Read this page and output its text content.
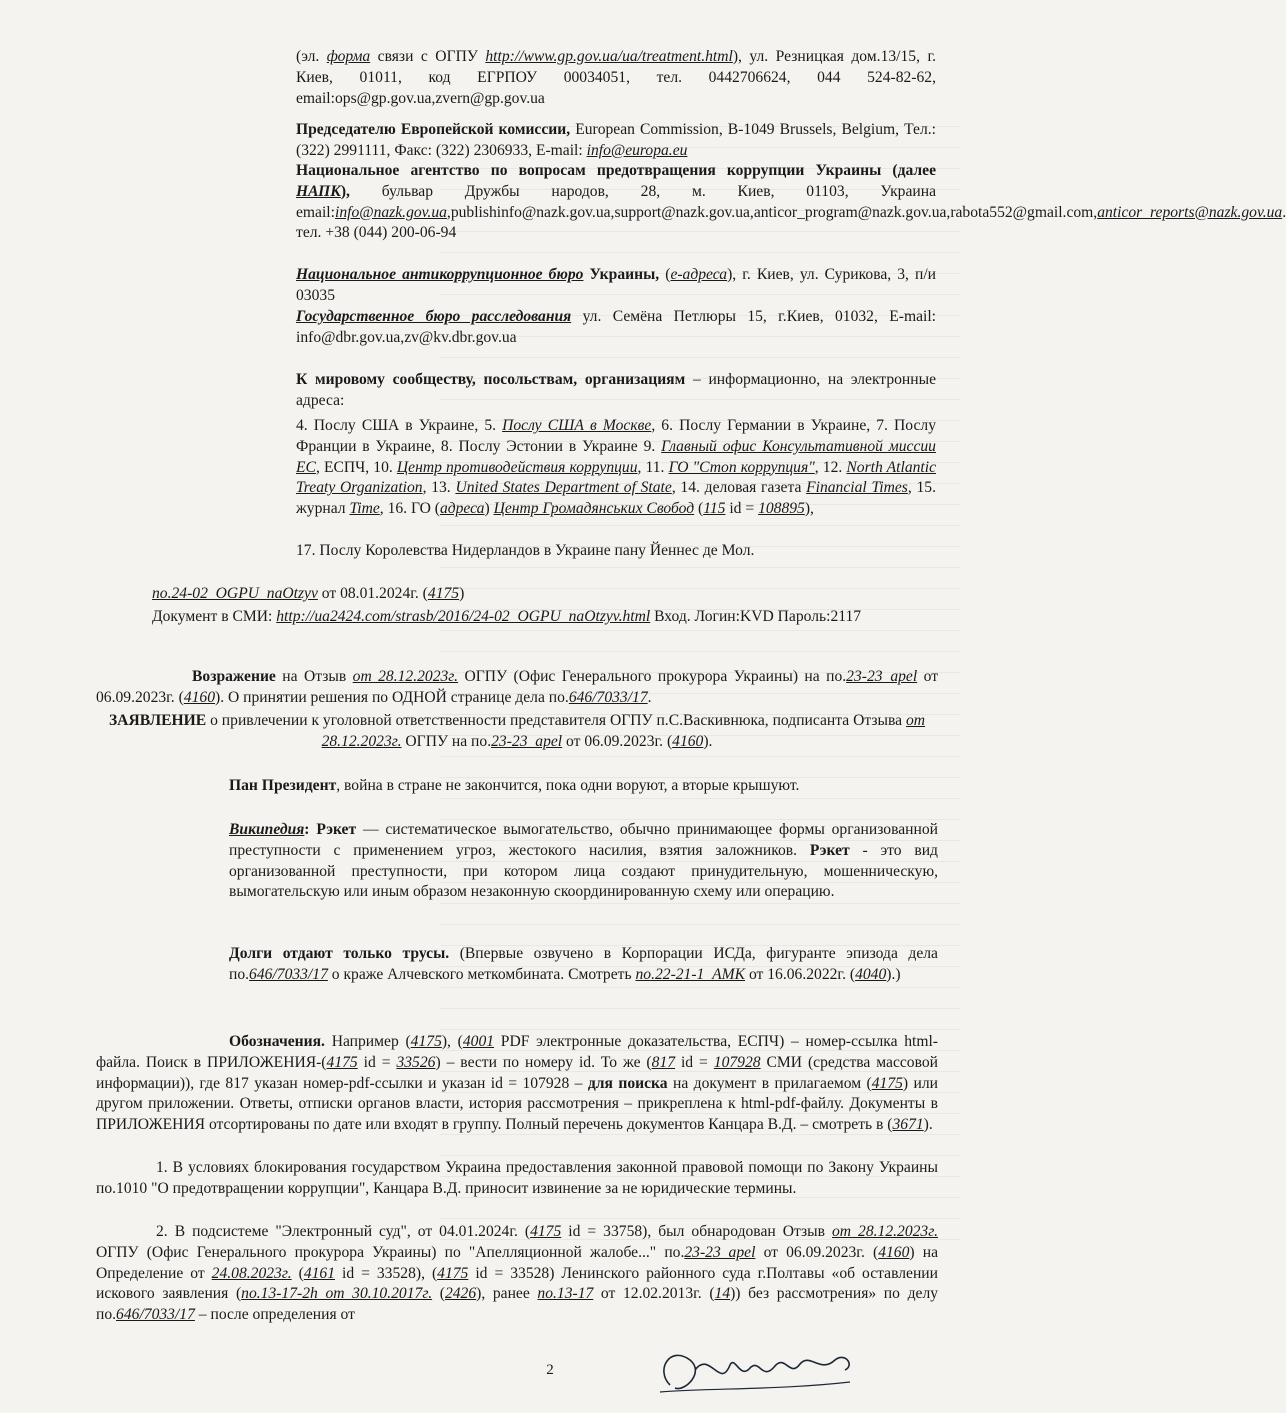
(эл. форма связи с ОГПУ http://www.gp.gov.ua/ua/treatment.html), ул. Резницкая дом.13/15, г. Киев, 01011, код ЕГРПОУ 00034051, тел. 0442706624, 044 524-82-62, email:ops@gp.gov.ua,zvern@gp.gov.ua
Председателю Европейской комиссии, European Commission, B-1049 Brussels, Belgium, Тел.: (322) 2991111, Факс: (322) 2306933, E-mail: info@europa.eu
Национальное агентство по вопросам предотвращения коррупции Украины (далее НАПК), бульвар Дружбы народов, 28, м. Киев, 01103, Украина email:info@nazk.gov.ua,publishinfo@nazk.gov.ua,support@nazk.gov.ua,anticor_program@nazk.gov.ua,rabota552@gmail.com,anticor_reports@nazk.gov.ua. тел. +38 (044) 200-06-94
Национальное антикоррупционное бюро Украины, (е-адреса), г. Киев, ул. Сурикова, 3, п/и 03035
Государственное бюро расследования ул. Семёна Петлюры 15, г.Киев, 01032, E-mail: info@dbr.gov.ua,zv@kv.dbr.gov.ua
К мировому сообществу, посольствам, организациям – информационно, на электронные адреса:
4. Послу США в Украине, 5. Послу США в Москве, 6. Послу Германии в Украине, 7. Послу Франции в Украине, 8. Послу Эстонии в Украине 9. Главный офис Консультативной миссии ЕС, ЕСПЧ, 10. Центр противодействия коррупции, 11. ГО "Стоп коррупция", 12. North Atlantic Treaty Organization, 13. United States Department of State, 14. деловая газета Financial Times, 15. журнал Time, 16. ГО (адреса) Центр Громадянських Свобод (115 id = 108895),
17. Послу Королевства Нидерландов в Украине пану Йеннес де Мол.
по.24-02_OGPU_naOtzyv от 08.01.2024г. (4175)
Документ в СМИ: http://ua2424.com/strasb/2016/24-02_OGPU_naOtzyv.html Вход. Логин:KVD Пароль:2117
Возражение на Отзыв от 28.12.2023г. ОГПУ (Офис Генерального прокурора Украины) на по.23-23_apel от 06.09.2023г. (4160). О принятии решения по ОДНОЙ странице дела по.646/7033/17.
ЗАЯВЛЕНИЕ о привлечении к уголовной ответственности представителя ОГПУ п.С.Васкивнюка, подписанта Отзыва от 28.12.2023г. ОГПУ на по.23-23_apel от 06.09.2023г. (4160).
Пан Президент, война в стране не закончится, пока одни воруют, а вторые крышуют.
Википедия: Рэкет — систематическое вымогательство, обычно принимающее формы организованной преступности с применением угроз, жестокого насилия, взятия заложников. Рэкет - это вид организованной преступности, при котором лица создают принудительную, мошенническую, вымогательскую или иным образом незаконную скоординированную схему или операцию.
Долги отдают только трусы. (Впервые озвучено в Корпорации ИСДа, фигуранте эпизода дела по.646/7033/17 о краже Алчевского меткомбината. Смотреть по.22-21-1_AMK от 16.06.2022г. (4040).)
Обозначения. Например (4175), (4001 PDF электронные доказательства, ЕСПЧ) – номер-ссылка html-файла. Поиск в ПРИЛОЖЕНИЯ-(4175 id = 33526) – вести по номеру id. То же (817 id = 107928 СМИ (средства массовой информации)), где 817 указан номер-pdf-ссылки и указан id = 107928 – для поиска на документ в прилагаемом (4175) или другом приложении. Ответы, отписки органов власти, история рассмотрения – прикреплена к html-pdf-файлу. Документы в ПРИЛОЖЕНИЯ отсортированы по дате или входят в группу. Полный перечень документов Канцара В.Д. – смотреть в (3671).
1. В условиях блокирования государством Украина предоставления законной правовой помощи по Закону Украины по.1010 "О предотвращении коррупции", Канцара В.Д. приносит извинение за не юридические термины.
2. В подсистеме "Электронный суд", от 04.01.2024г. (4175 id = 33758), был обнародован Отзыв от 28.12.2023г. ОГПУ (Офис Генерального прокурора Украины) по "Апелляционной жалобе..." по.23-23_apel от 06.09.2023г. (4160) на Определение от 24.08.2023г. (4161 id = 33528), (4175 id = 33528) Ленинского районного суда г.Полтавы «об оставлении искового заявления (по.13-17-2h от 30.10.2017г. (2426), ранее по.13-17 от 12.02.2013г. (14)) без рассмотрения» по делу по.646/7033/17 – после определения от
2
